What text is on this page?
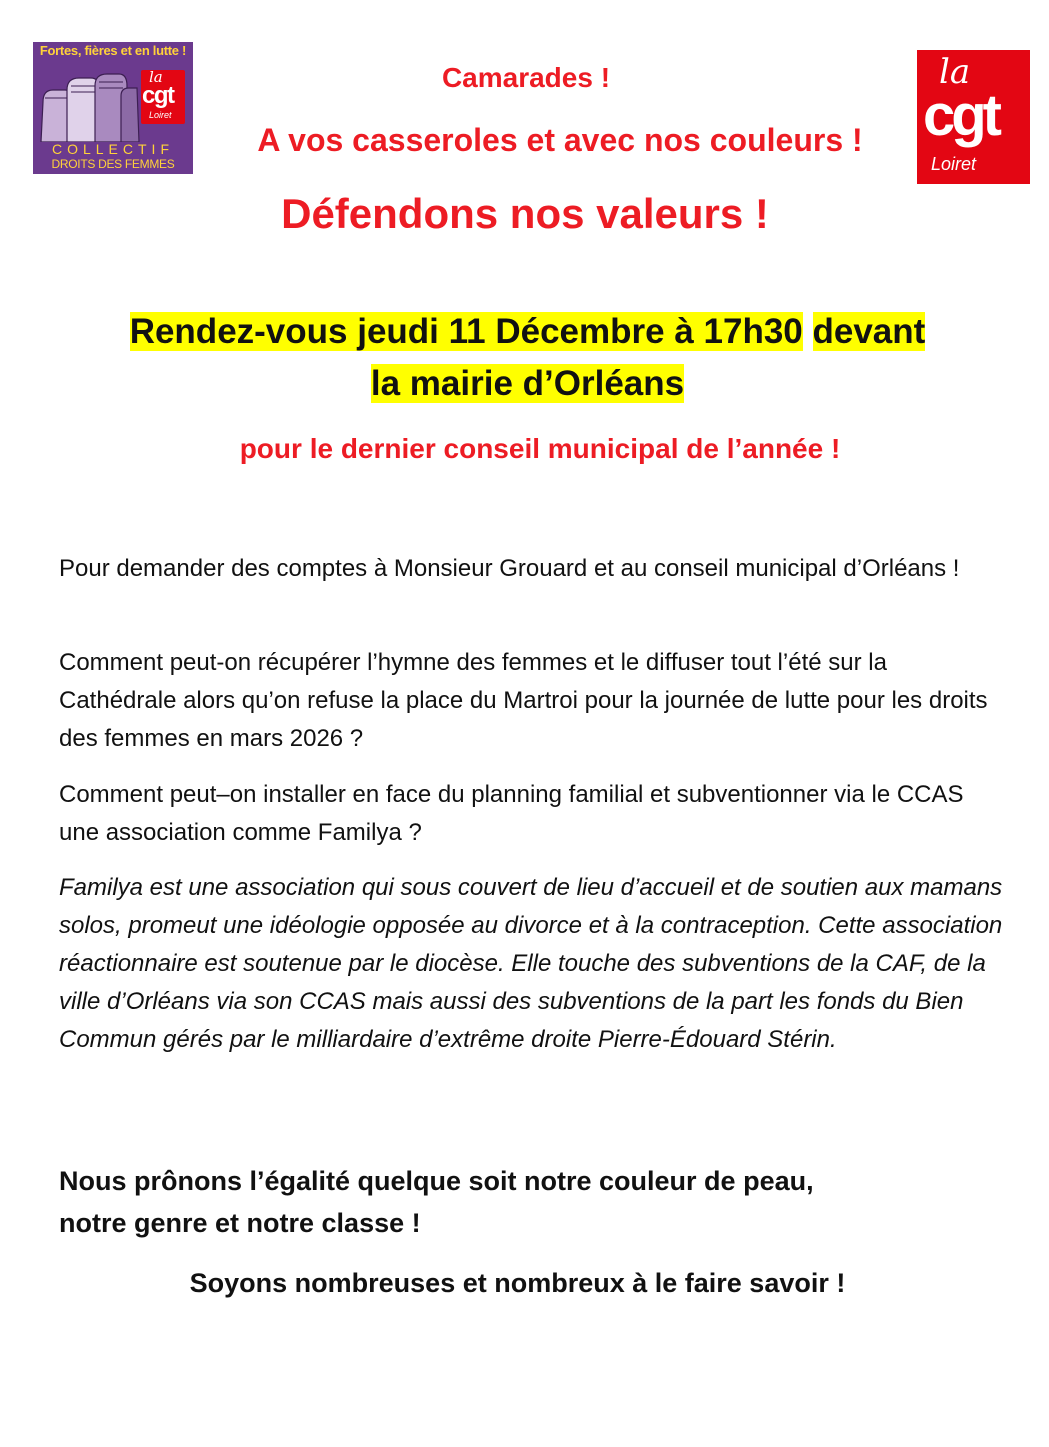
Fortes, fières et en lutte !
la
cgt
Loiret
COLLECTIF
DROITS DES FEMMES
la
cgt
Loiret
Camarades !
A vos casseroles et avec nos couleurs !
Défendons nos valeurs !
Rendez-vous jeudi 11 Décembre à 17h30 devant
la mairie d’Orléans
pour le dernier conseil municipal de l’année !

Pour demander des comptes à Monsieur Grouard et au conseil municipal d’Orléans !

Comment peut-on récupérer l’hymne des femmes et le diffuser tout l’été sur la Cathédrale alors qu’on refuse la place du Martroi pour la journée de lutte pour les droits des femmes en mars 2026 ?

Comment peut–on installer en face du planning familial et subventionner via le CCAS une association comme Familya ?

Familya est une association qui sous couvert de lieu d’accueil et de soutien aux mamans solos, promeut une idéologie opposée au divorce et à la contraception. Cette association réactionnaire est soutenue par le diocèse. Elle touche des subventions de la CAF, de la ville d’Orléans via son CCAS mais aussi des subventions de la part les fonds du Bien Commun gérés par le milliardaire d’extrême droite Pierre-Édouard Stérin.

Nous prônons l’égalité quelque soit notre couleur de peau,
notre genre et notre classe !
Soyons nombreuses et nombreux à le faire savoir !
